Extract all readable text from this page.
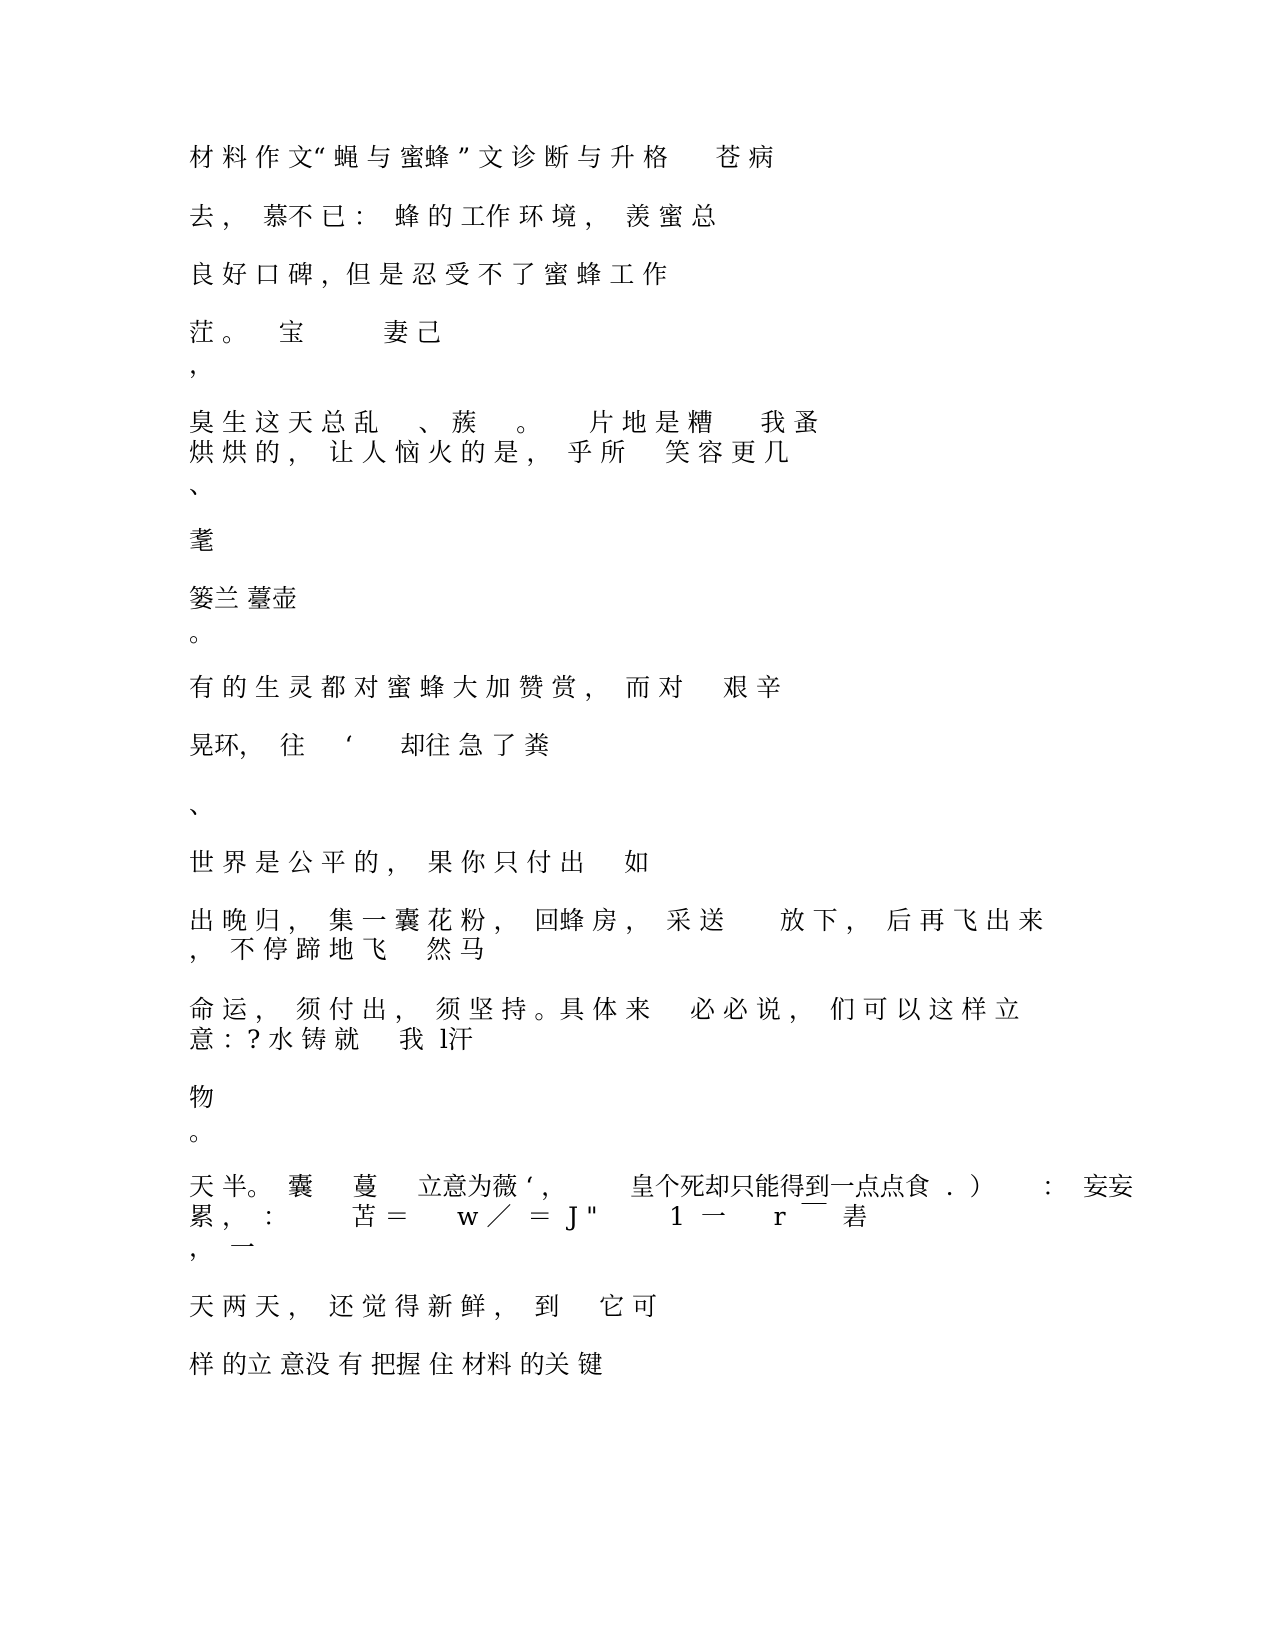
材 料 作 文“ 蝇 与 蜜蜂 ” 文 诊 断 与 升 格      苍 病

去 ，  慕不 已 ：  蜂 的 工作 环 境 ，  羡 蜜 总

良 好 口 碑 ，但 是 忍 受 不 了 蜜 蜂 工 作

茳 。    宝          妻 己

，

臭 生 这 天 总 乱     、 蔟     。      片 地 是 糟      我 蚤

烘 烘 的 ，  让 人 恼 火 的 是 ，  乎 所     笑 容 更 几

、

耄

篓兰 薹壶

。

有 的 生 灵 都 对 蜜 蜂 大 加 赞 赏 ，  而 对     艰 辛

晃环，  往     ‘      却往 急 了 粪

、

世 界 是 公 平 的 ，  果 你 只 付 出     如

出 晚 归 ，  集 一 囊 花 粉 ，  回蜂 房 ，  采 送       放 下 ，  后 再 飞 出 来

，  不 停 蹄 地 飞     然 马

命 运 ，  须 付 出 ，  须 坚 持 。具 体 来     必 必 说 ，  们 可 以 这 样 立

意 ：? 水 铸 就     我  l汗

物

。

天 半。  囊     蔓     立意为薇 ‘ ，        皇个死却只能得到一点点食  .  ）      ：  妄妄

累 ，  ：        苫 ＝      w ／  ＝  J "         1  一      r  ￣  砉

，  一

天 两 天 ，  还 觉 得 新 鲜 ，  到     它 可

样 的立 意没 有 把握 住 材料 的关 键
